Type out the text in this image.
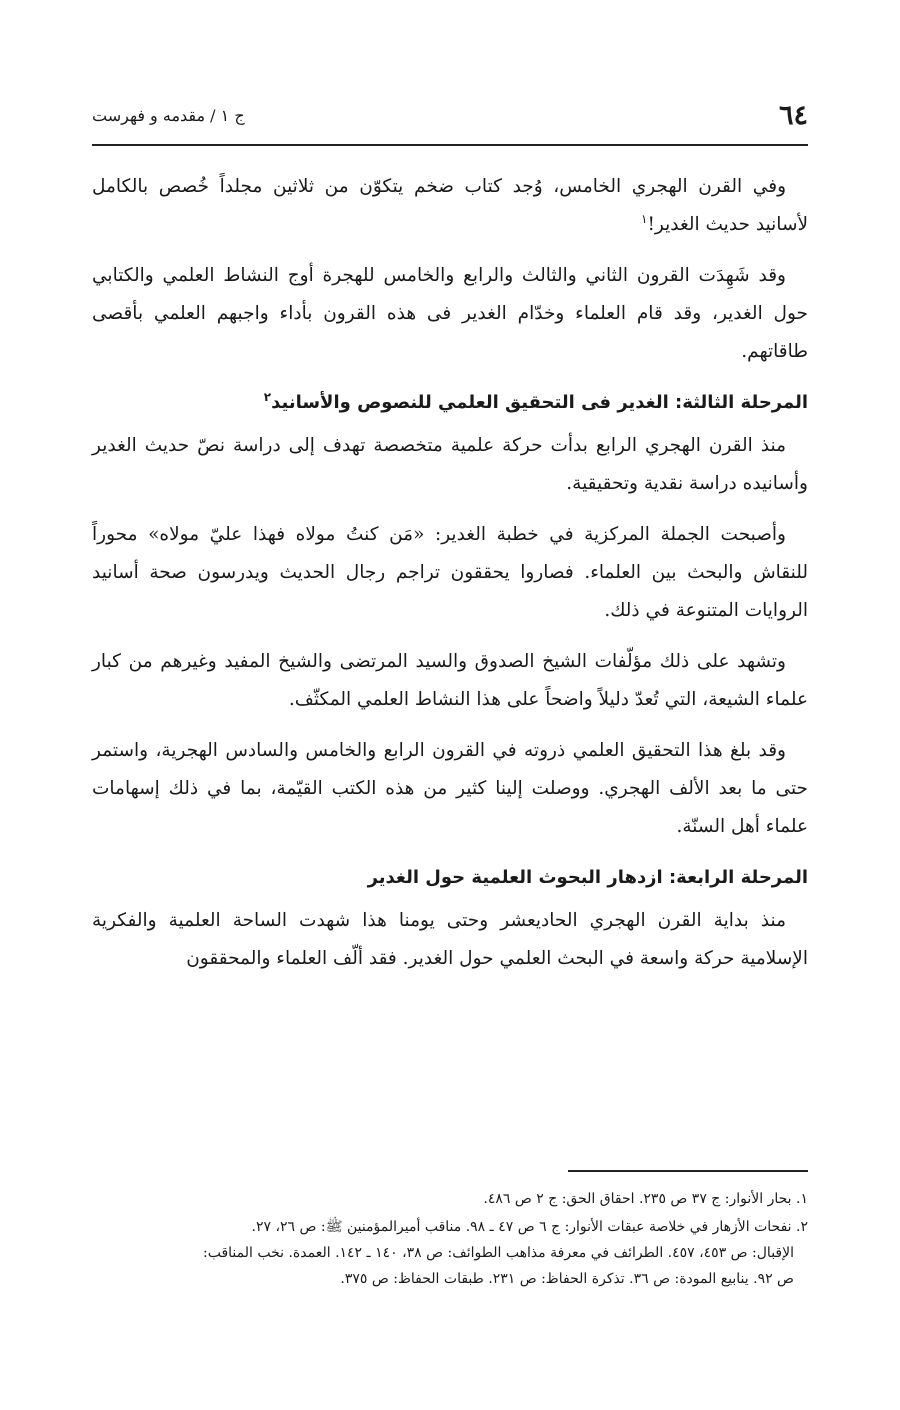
٦٤
ج ١ / مقدمه و فهرست

وفي القرن الهجري الخامس، وُجد كتاب ضخم يتكوّن من ثلاثين مجلداً خُصص بالكامل لأسانيد حديث الغدير!$^١$

وقد شَهِدَت القرون الثاني والثالث والرابع والخامس للهجرة أوج النشاط العلمي والكتابي حول الغدير، وقد قام العلماء وخدّام الغدير فى هذه القرون بأداء واجبهم العلمي بأقصى طاقاتهم.

المرحلة الثالثة: الغدير فى التحقيق العلمي للنصوص والأسانيد$^٢$

منذ القرن الهجري الرابع بدأت حركة علمية متخصصة تهدف إلى دراسة نصّ حديث الغدير وأسانيده دراسة نقدية وتحقيقية.

وأصبحت الجملة المركزية في خطبة الغدير: «مَن كنتُ مولاه فهذا عليّ مولاه» محوراً للنقاش والبحث بين العلماء. فصاروا يحققون تراجم رجال الحديث ويدرسون صحة أسانيد الروايات المتنوعة في ذلك.

وتشهد على ذلك مؤلّفات الشيخ الصدوق والسيد المرتضى والشيخ المفيد وغيرهم من كبار علماء الشيعة، التي تُعدّ دليلاً واضحاً على هذا النشاط العلمي المكثّف.

وقد بلغ هذا التحقيق العلمي ذروته في القرون الرابع والخامس والسادس الهجرية، واستمر حتى ما بعد الألف الهجري. ووصلت إلينا كثير من هذه الكتب القيّمة، بما في ذلك إسهامات علماء أهل السنّة.

المرحلة الرابعة: ازدهار البحوث العلمية حول الغدير

منذ بداية القرن الهجري الحاديعشر وحتى يومنا هذا شهدت الساحة العلمية والفكرية الإسلامية حركة واسعة في البحث العلمي حول الغدير. فقد ألّف العلماء والمحققون

١. بحار الأنوار: ج ٣٧ ص ٢٣٥. احقاق الحق: ج ٢ ص ٤٨٦.

٢. نفحات الأزهار في خلاصة عبقات الأنوار: ج ٦ ص ٤٧ ـ ٩٨. مناقب أميرالمؤمنين ﷺ: ص ٢٦، ٢٧.
الإقبال: ص ٤٥٣، ٤٥٧. الطرائف في معرفة مذاهب الطوائف: ص ٣٨، ١٤٠ ـ ١٤٢. العمدة. نخب المناقب:
ص ٩٢. ينابيع المودة: ص ٣٦. تذكرة الحفاظ: ص ٢٣١. طبقات الحفاظ: ص ٣٧٥.
